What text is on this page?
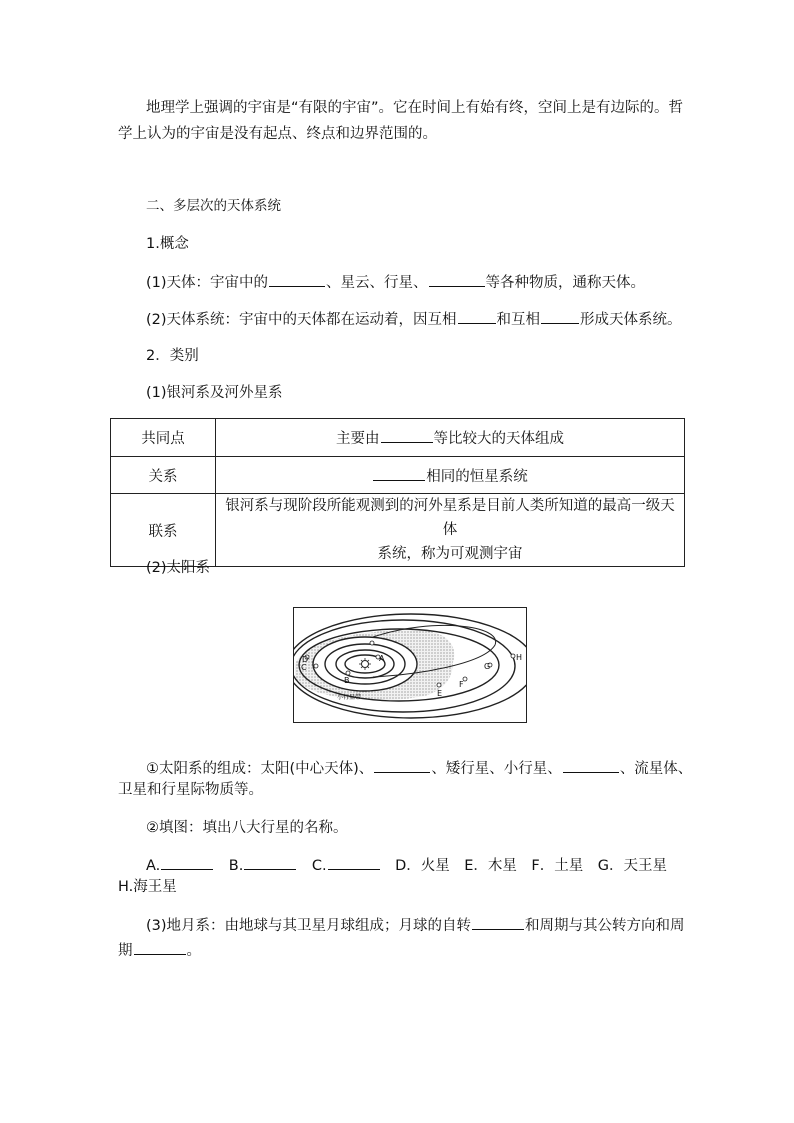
地理学上强调的宇宙是“有限的宇宙”。它在时间上有始有终，空间上是有边际的。哲
学上认为的宇宙是没有起点、终点和边界范围的。
二、多层次的天体系统
1.概念
(1)天体：宇宙中的	、星云、行星、	等各种物质，通称天体。
(2)天体系统：宇宙中的天体都在运动着，因互相	和互相	形成天体系统。
2．类别
(1)银河系及河外星系
共同点	主要由 等比较大的天体组成
关系	相同的恒星系统
联系	银河系与现阶段所能观测到的河外星系是目前人类所知道的最高一级天体
系统，称为可观测宇宙
(2)太阳系
D
C
B
A
E
F
G
H
小行星带
①太阳系的组成：太阳(中心天体)、	、矮行星、小行星、	、流星体、
卫星和行星际物质等。
②填图：填出八大行星的名称。
A.　	B.　	C.　	D．火星　E．木星　F．土星　G．天王星
H.海王星
(3)地月系：由地球与其卫星月球组成；月球的自转	和周期与其公转方向和周
期	。
